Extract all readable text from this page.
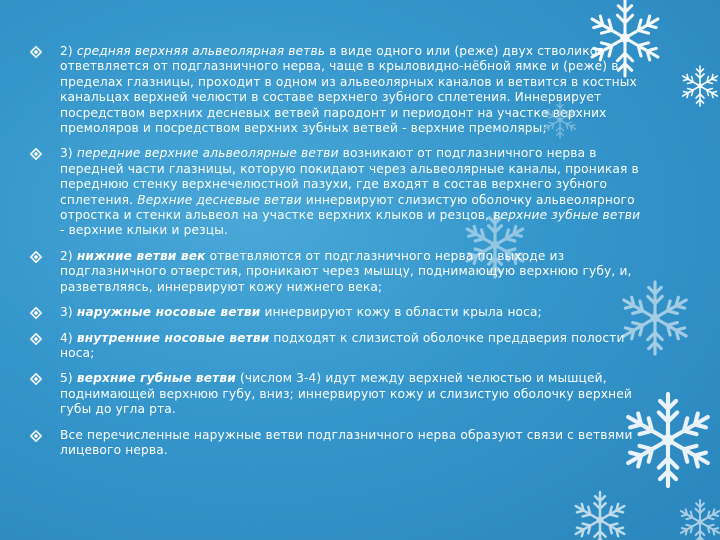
2) средняя верхняя альвеолярная ветвь в виде одного или (реже) двух стволиков ответвляется от подглазничного нерва, чаще в крыловидно-нёбной ямке и (реже) в пределах глазницы, проходит в одном из альвеолярных каналов и ветвится в костных канальцах верхней челюсти в составе верхнего зубного сплетения. Иннервирует посредством верхних десневых ветвей пародонт и периодонт на участке верхних премоляров и посредством верхних зубных ветвей - верхние премоляры;
3) передние верхние альвеолярные ветви возникают от подглазничного нерва в передней части глазницы, которую покидают через альвеолярные каналы, проникая в переднюю стенку верхнечелюстной пазухи, где входят в состав верхнего зубного сплетения. Верхние десневые ветви иннервируют слизистую оболочку альвеолярного отростка и стенки альвеол на участке верхних клыков и резцов, верхние зубные ветви - верхние клыки и резцы.
2) нижние ветви век ответвляются от подглазничного нерва по выходе из подглазничного отверстия, проникают через мышцу, поднимающую верхнюю губу, и, разветвляясь, иннервируют кожу нижнего века;
3) наружные носовые ветви иннервируют кожу в области крыла носа;
4) внутренние носовые ветви подходят к слизистой оболочке преддверия полости носа;
5) верхние губные ветви (числом 3-4) идут между верхней челюстью и мышцей, поднимающей верхнюю губу, вниз; иннервируют кожу и слизистую оболочку верхней губы до угла рта.
Все перечисленные наружные ветви подглазничного нерва образуют связи с ветвями лицевого нерва.
